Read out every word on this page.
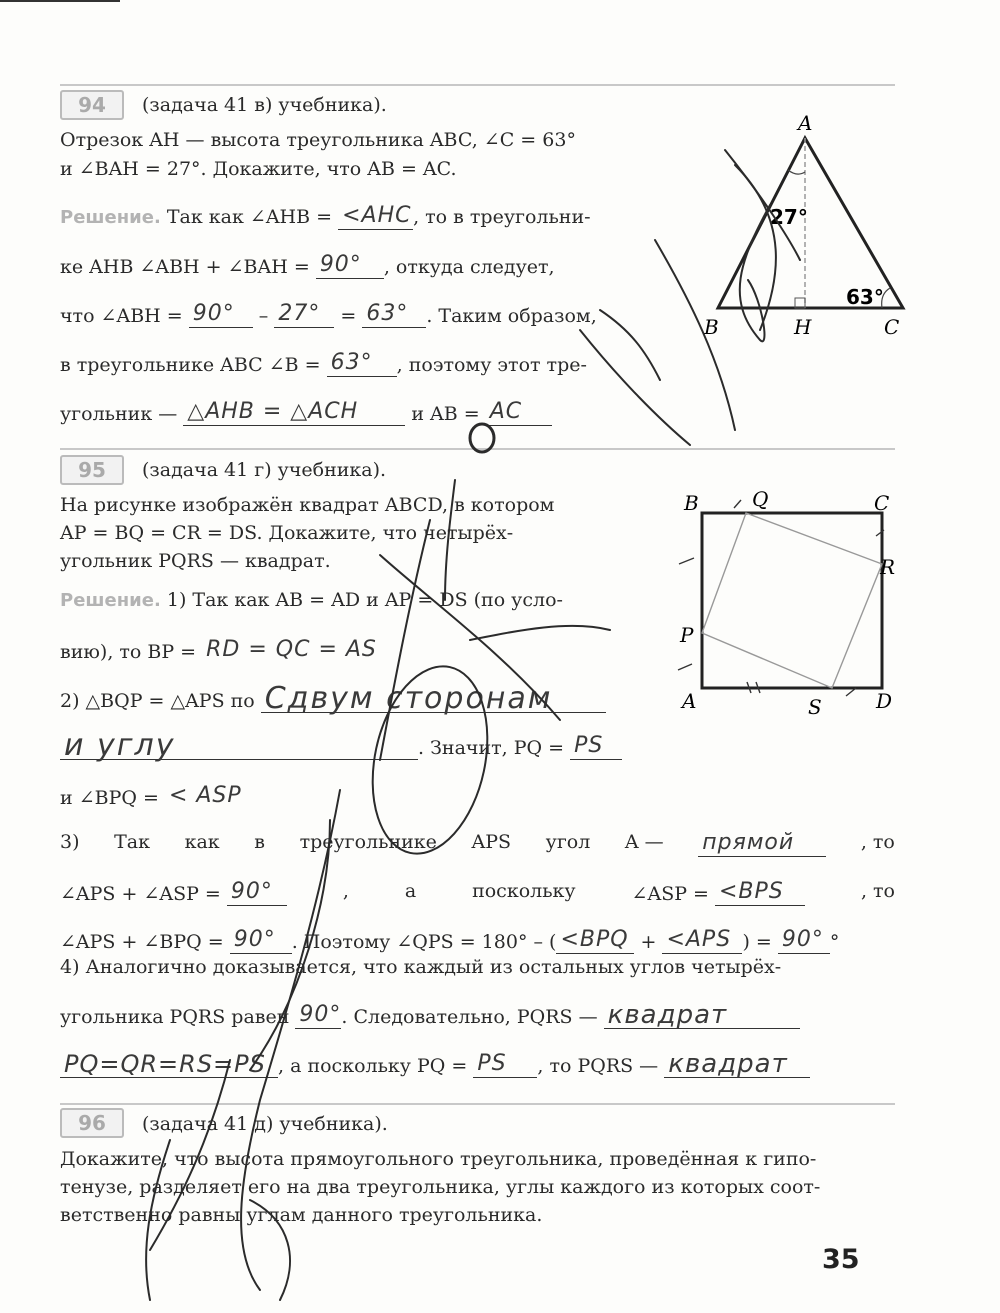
94	(задача 41 в) учебника).
Отрезок AH — высота треугольника ABC, ∠C = 63°
и ∠BAH = 27°. Докажите, что AB = AC.
Решение. Так как ∠AHB = <AHC , то в треугольни-
ке AHB ∠ABH + ∠BAH = 90° , откуда следует,
что ∠ABH = 90° – 27° = 63° . Таким образом,
в треугольнике ABC ∠B = 63° , поэтому этот тре-
угольник — △AHB = △ACH и AB = AC
A
B	H	C
27°
63°
95	(задача 41 г) учебника).
На рисунке изображён квадрат ABCD, в котором
AP = BQ = CR = DS. Докажите, что четырёх-
угольник PQRS — квадрат.
Решение. 1) Так как AB = AD и AP = DS (по усло-
вию), то BP = RD = QC = AS
2) △BQP = △APS по Сдвум сторонам
и углу	. Значит, PQ = PS
и ∠BPQ = < ASP
3) Так как в треугольнике APS угол A — прямой	, то
∠APS + ∠ASP = 90°	,	а	поскольку	∠ASP = <BPS	, то
∠APS + ∠BPQ = 90° . Поэтому ∠QPS = 180° – ( <BPQ + <APS ) = 90° °
4) Аналогично доказывается, что каждый из остальных углов четырёх-
угольника PQRS равен 90° . Следовательно, PQRS — квадрат
PQ=QR=RS=PS , а поскольку PQ = PS , то PQRS — квадрат
B	Q	C
R
P
A	S	D
96	(задача 41 д) учебника).
Докажите, что высота прямоугольного треугольника, проведённая к гипо-
тенузе, разделяет его на два треугольника, углы каждого из которых соот-
ветственно равны углам данного треугольника.
35
